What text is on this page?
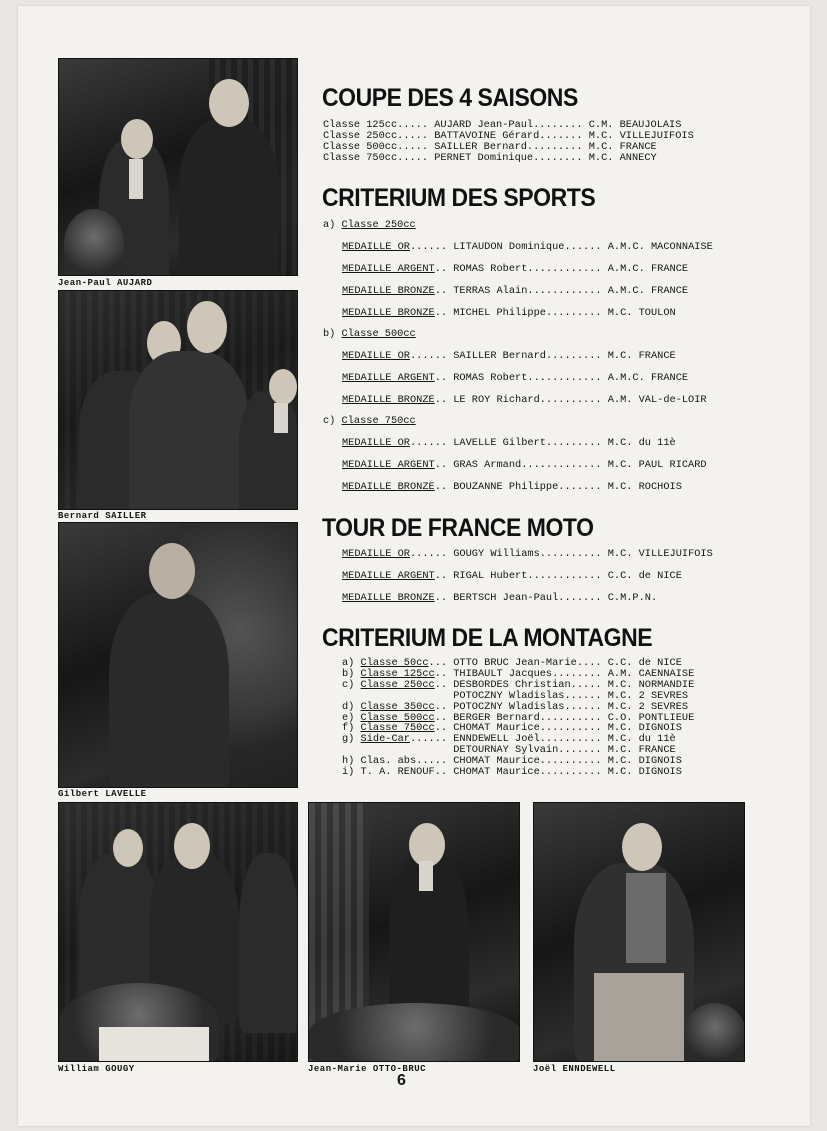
Jean-Paul AUJARD
Bernard SAILLER
Gilbert LAVELLE
William GOUGY	Jean-Marie OTTO-BRUC	Joël ENNDEWELL
COUPE DES 4 SAISONS
Classe 125cc..... AUJARD Jean-Paul........ C.M. BEAUJOLAIS
Classe 250cc..... BATTAVOINE Gérard....... M.C. VILLEJUIFOIS
Classe 500cc..... SAILLER Bernard......... M.C. FRANCE
Classe 750cc..... PERNET Dominique........ M.C. ANNECY
CRITERIUM DES SPORTS
a) Classe 250cc
MEDAILLE OR...... LITAUDON Dominique...... A.M.C. MACONNAISE
MEDAILLE ARGENT.. ROMAS Robert............ A.M.C. FRANCE
MEDAILLE BRONZE.. TERRAS Alain............ A.M.C. FRANCE
MEDAILLE BRONZE.. MICHEL Philippe......... M.C. TOULON
b) Classe 500cc
MEDAILLE OR...... SAILLER Bernard......... M.C. FRANCE
MEDAILLE ARGENT.. ROMAS Robert............ A.M.C. FRANCE
MEDAILLE BRONZE.. LE ROY Richard.......... A.M. VAL-de-LOIR
c) Classe 750cc
MEDAILLE OR...... LAVELLE Gilbert......... M.C. du 11è
MEDAILLE ARGENT.. GRAS Armand............. M.C. PAUL RICARD
MEDAILLE BRONZE.. BOUZANNE Philippe....... M.C. ROCHOIS
TOUR DE FRANCE MOTO
MEDAILLE OR...... GOUGY Williams.......... M.C. VILLEJUIFOIS
MEDAILLE ARGENT.. RIGAL Hubert............ C.C. de NICE
MEDAILLE BRONZE.. BERTSCH Jean-Paul....... C.M.P.N.
CRITERIUM DE LA MONTAGNE
a) Classe 50cc... OTTO BRUC Jean-Marie.... C.C. de NICE
b) Classe 125cc.. THIBAULT Jacques........ A.M. CAENNAISE
c) Classe 250cc.. DESBORDES Christian..... M.C. NORMANDIE
POTOCZNY Wladislas...... M.C. 2 SEVRES
d) Classe 350cc.. POTOCZNY Wladislas...... M.C. 2 SEVRES
e) Classe 500cc.. BERGER Bernard.......... C.O. PONTLIEUE
f) Classe 750cc.. CHOMAT Maurice.......... M.C. DIGNOIS
g) Side-Car...... ENNDEWELL Joël.......... M.C. du 11è
DETOURNAY Sylvain....... M.C. FRANCE
h) Clas. abs..... CHOMAT Maurice.......... M.C. DIGNOIS
i) T. A. RENOUF.. CHOMAT Maurice.......... M.C. DIGNOIS
6
